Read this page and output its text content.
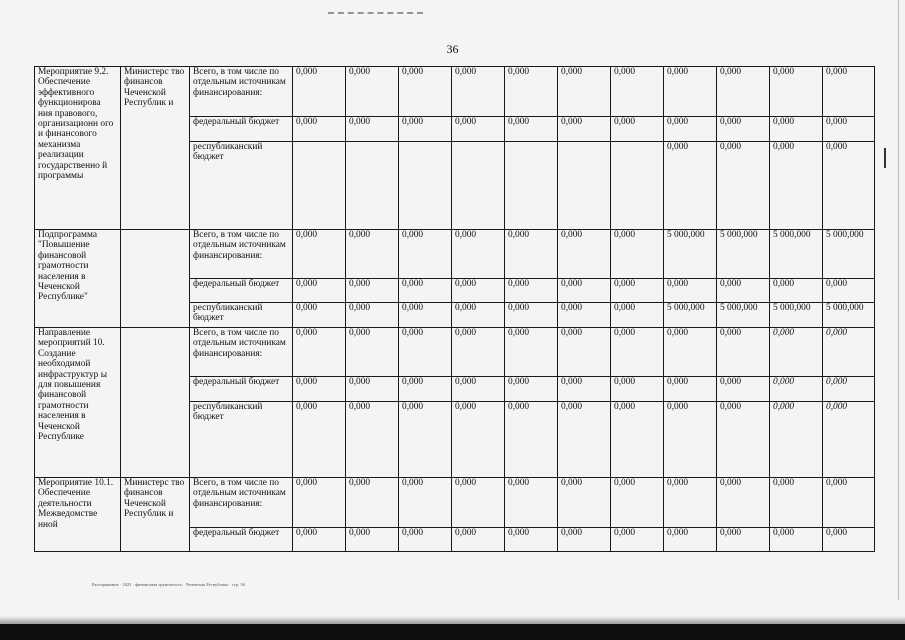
36
Мероприятие 9.2. Обеспечение эффективного функционирова ния правового, организационн ого и финансового механизма реализации государственно й программы	Министерс тво финансов Чеченской Республик и	Всего, в том числе по отдельным источникам финансирования:	0,000	0,000	0,000	0,000	0,000	0,000	0,000	0,000	0,000	0,000	0,000
		федеральный бюджет	0,000	0,000	0,000	0,000	0,000	0,000	0,000	0,000	0,000	0,000	0,000
		республиканский бюджет								0,000	0,000	0,000	0,000
Подпрограмма "Повышение финансовой грамотности населения в Чеченской Республике"		Всего, в том числе по отдельным источникам финансирования:	0,000	0,000	0,000	0,000	0,000	0,000	0,000	5 000,000	5 000,000	5 000,000	5 000,000
		федеральный бюджет	0,000	0,000	0,000	0,000	0,000	0,000	0,000	0,000	0,000	0,000	0,000
		республиканский бюджет	0,000	0,000	0,000	0,000	0,000	0,000	0,000	5 000,000	5 000,000	5 000,000	5 000,000
Направление мероприятий 10. Создание необходимой инфраструктур ы для повышения финансовой грамотности населения в Чеченской Республике		Всего, в том числе по отдельным источникам финансирования:	0,000	0,000	0,000	0,000	0,000	0,000	0,000	0,000	0,000	0,000	0,000
		федеральный бюджет	0,000	0,000	0,000	0,000	0,000	0,000	0,000	0,000	0,000	0,000	0,000
		республиканский бюджет	0,000	0,000	0,000	0,000	0,000	0,000	0,000	0,000	0,000	0,000	0,000
Мероприятие 10.1. Обеспечение деятельности Межведомстве нной	Министерс тво финансов Чеченской Республик и	Всего, в том числе по отдельным источникам финансирования:	0,000	0,000	0,000	0,000	0,000	0,000	0,000	0,000	0,000	0,000	0,000
		федеральный бюджет	0,000	0,000	0,000	0,000	0,000	0,000	0,000	0,000	0,000	0,000	0,000
Распоряжение · 2025 · финансовая грамотность · Чеченская Республика · стр. 36
